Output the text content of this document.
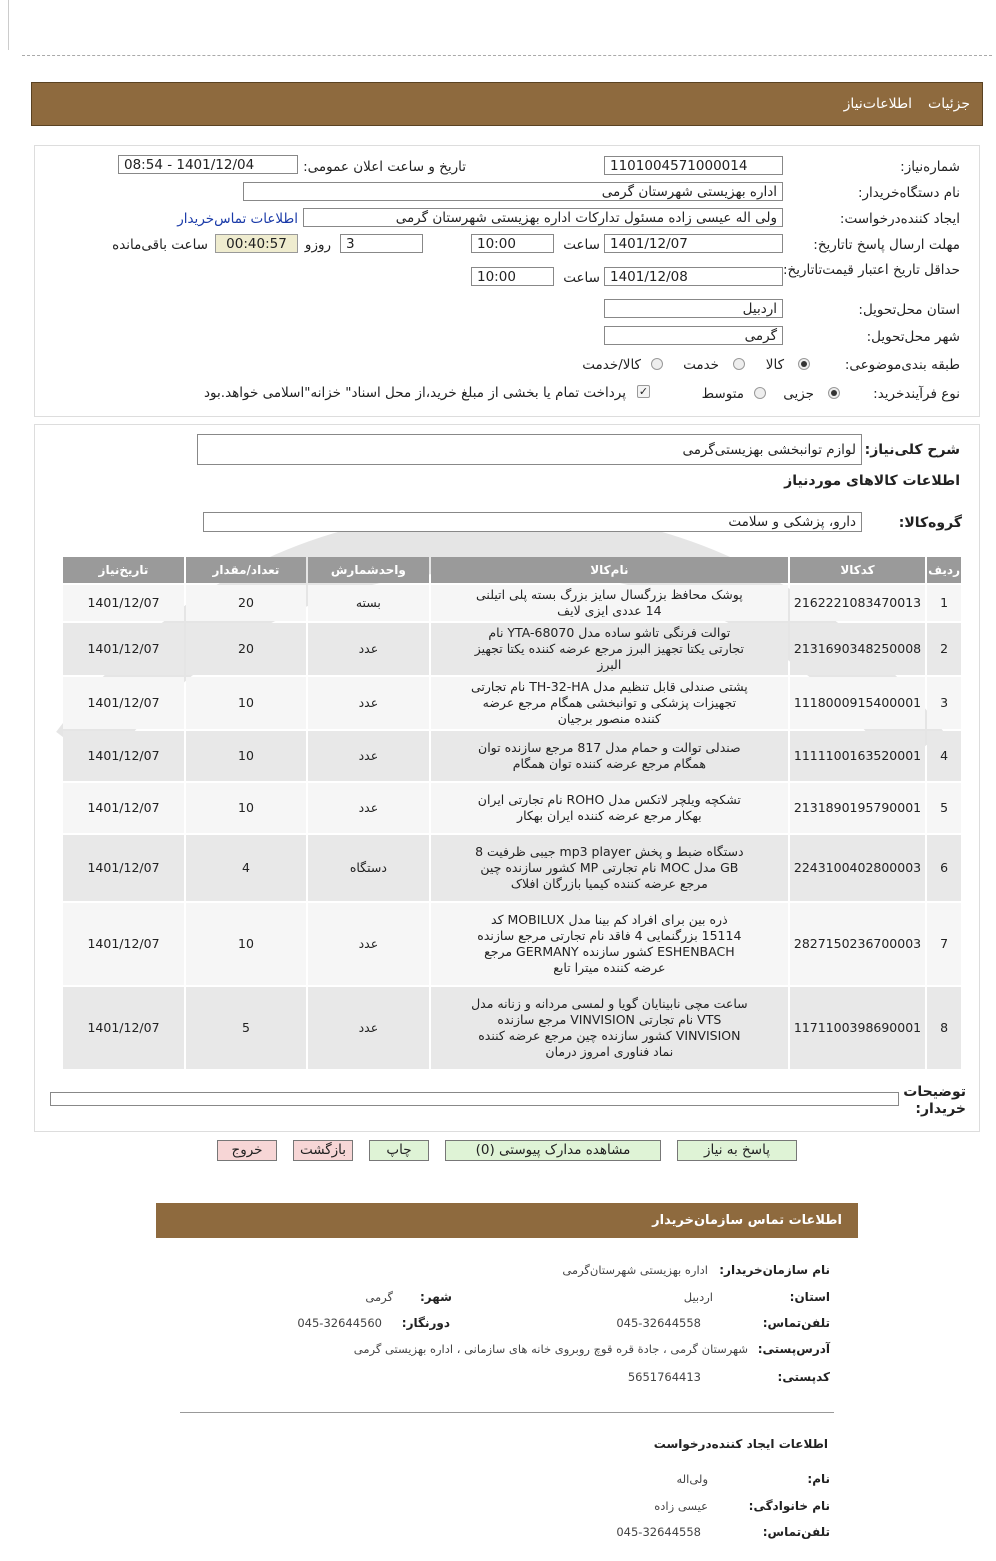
جزئیات
اطلاعات‌نیاز
شماره‌نیاز:
1101004571000014
تاریخ و ساعت اعلان عمومی:
1401/12/04 - 08:54
نام دستگاه‌خریدار:
اداره بهزیستی شهرستان گرمی
ایجاد کننده‌درخواست:
ولی اله عیسی زاده مسئول تدارکات اداره بهزیستی شهرستان گرمی
اطلاعات تماس‌خریدار
مهلت ارسال پاسخ تا‌تاریخ:
1401/12/07
ساعت
10:00
3
روزو
00:40:57
ساعت باقی‌مانده
حداقل تاریخ اعتبار قیمت‌تا‌تاریخ:
1401/12/08
ساعت
10:00
استان محل‌تحویل:
اردبیل
شهر محل‌تحویل:
گرمی
طبقه بندی‌موضوعی:
کالا
خدمت
کالا/خدمت
نوع فرآیند‌خرید:
جزیی
متوسط
✓
پرداخت تمام یا بخشی از مبلغ خرید،از محل اسناد" خزانه"اسلامی خواهد.بود
شرح کلی‌نیاز:
لوازم توانبخشی بهزیستی‌گرمی
اطلاعات کالاهای موردنیاز
گروه‌کالا:
دارو، پزشکی و سلامت
ردیف	کدکالا	نام‌کالا	واحدشمارش	تعداد/مقدار	تاریخ‌نیاز
1	2162221083470013	پوشک محافظ بزرگسال سایز بزرگ بسته پلی اتیلنی 14 عددی ایزی لایف	بسته	20	1401/12/07
2	2131690348250008	توالت فرنگی تاشو ساده مدل YTA-68070 نام تجارتی یکتا تجهیز البرز مرجع عرضه کننده یکتا تجهیز البرز	عدد	20	1401/12/07
3	1118000915400001	پشتی صندلی قابل تنظیم مدل TH-32-HA نام تجارتی تجهیزات پزشکی و توانبخشی همگام مرجع عرضه کننده منصور برجیان	عدد	10	1401/12/07
4	1111100163520001	صندلی توالت و حمام مدل 817 مرجع سازنده توان همگام مرجع عرضه کننده توان همگام	عدد	10	1401/12/07
5	2131890195790001	تشکچه ویلچر لاتکس مدل ROHO نام تجارتی ایران بهکار مرجع عرضه کننده ایران بهکار	عدد	10	1401/12/07
6	2243100402800003	دستگاه ضبط و پخش mp3 player جیبی ظرفیت 8 GB مدل MOC نام تجارتی MP کشور سازنده چین مرجع عرضه کننده کیمیا بازرگان افلاک	دستگاه	4	1401/12/07
7	2827150236700003	ذره بین برای افراد کم بینا مدل MOBILUX کد 15114 بزرگنمایی 4 فاقد نام تجارتی مرجع سازنده ESHENBACH کشور سازنده GERMANY مرجع عرضه کننده میترا تابع	عدد	10	1401/12/07
8	1171100398690001	ساعت مچی نابینایان گویا و لمسی مردانه و زنانه مدل VTS نام تجارتی VINVISION مرجع سازنده VINVISION کشور سازنده چین مرجع عرضه کننده نماد فناوری امروز درمان	عدد	5	1401/12/07
توضیحات خریدار:
پاسخ به نیاز
مشاهده مدارک پیوستی (0)
چاپ
بازگشت
خروج
اطلاعات تماس سازمان‌خریدار
نام سازمان‌خریدار:
اداره بهزیستی شهرستان‌گرمی
استان:
اردبیل
شهر:
گرمی
تلفن‌تماس:
045-32644558
دورنگار:
045-32644560
آدرس‌پستی:
شهرستان گرمی ، جادة قره قوچ روبروی خانه های سازمانی ، اداره بهزیستی گرمی
کدپستی:
5651764413
اطلاعات ایجاد کننده‌درخواست
نام:
ولی‌اله
نام خانوادگی:
عیسی زاده
تلفن‌تماس:
045-32644558
